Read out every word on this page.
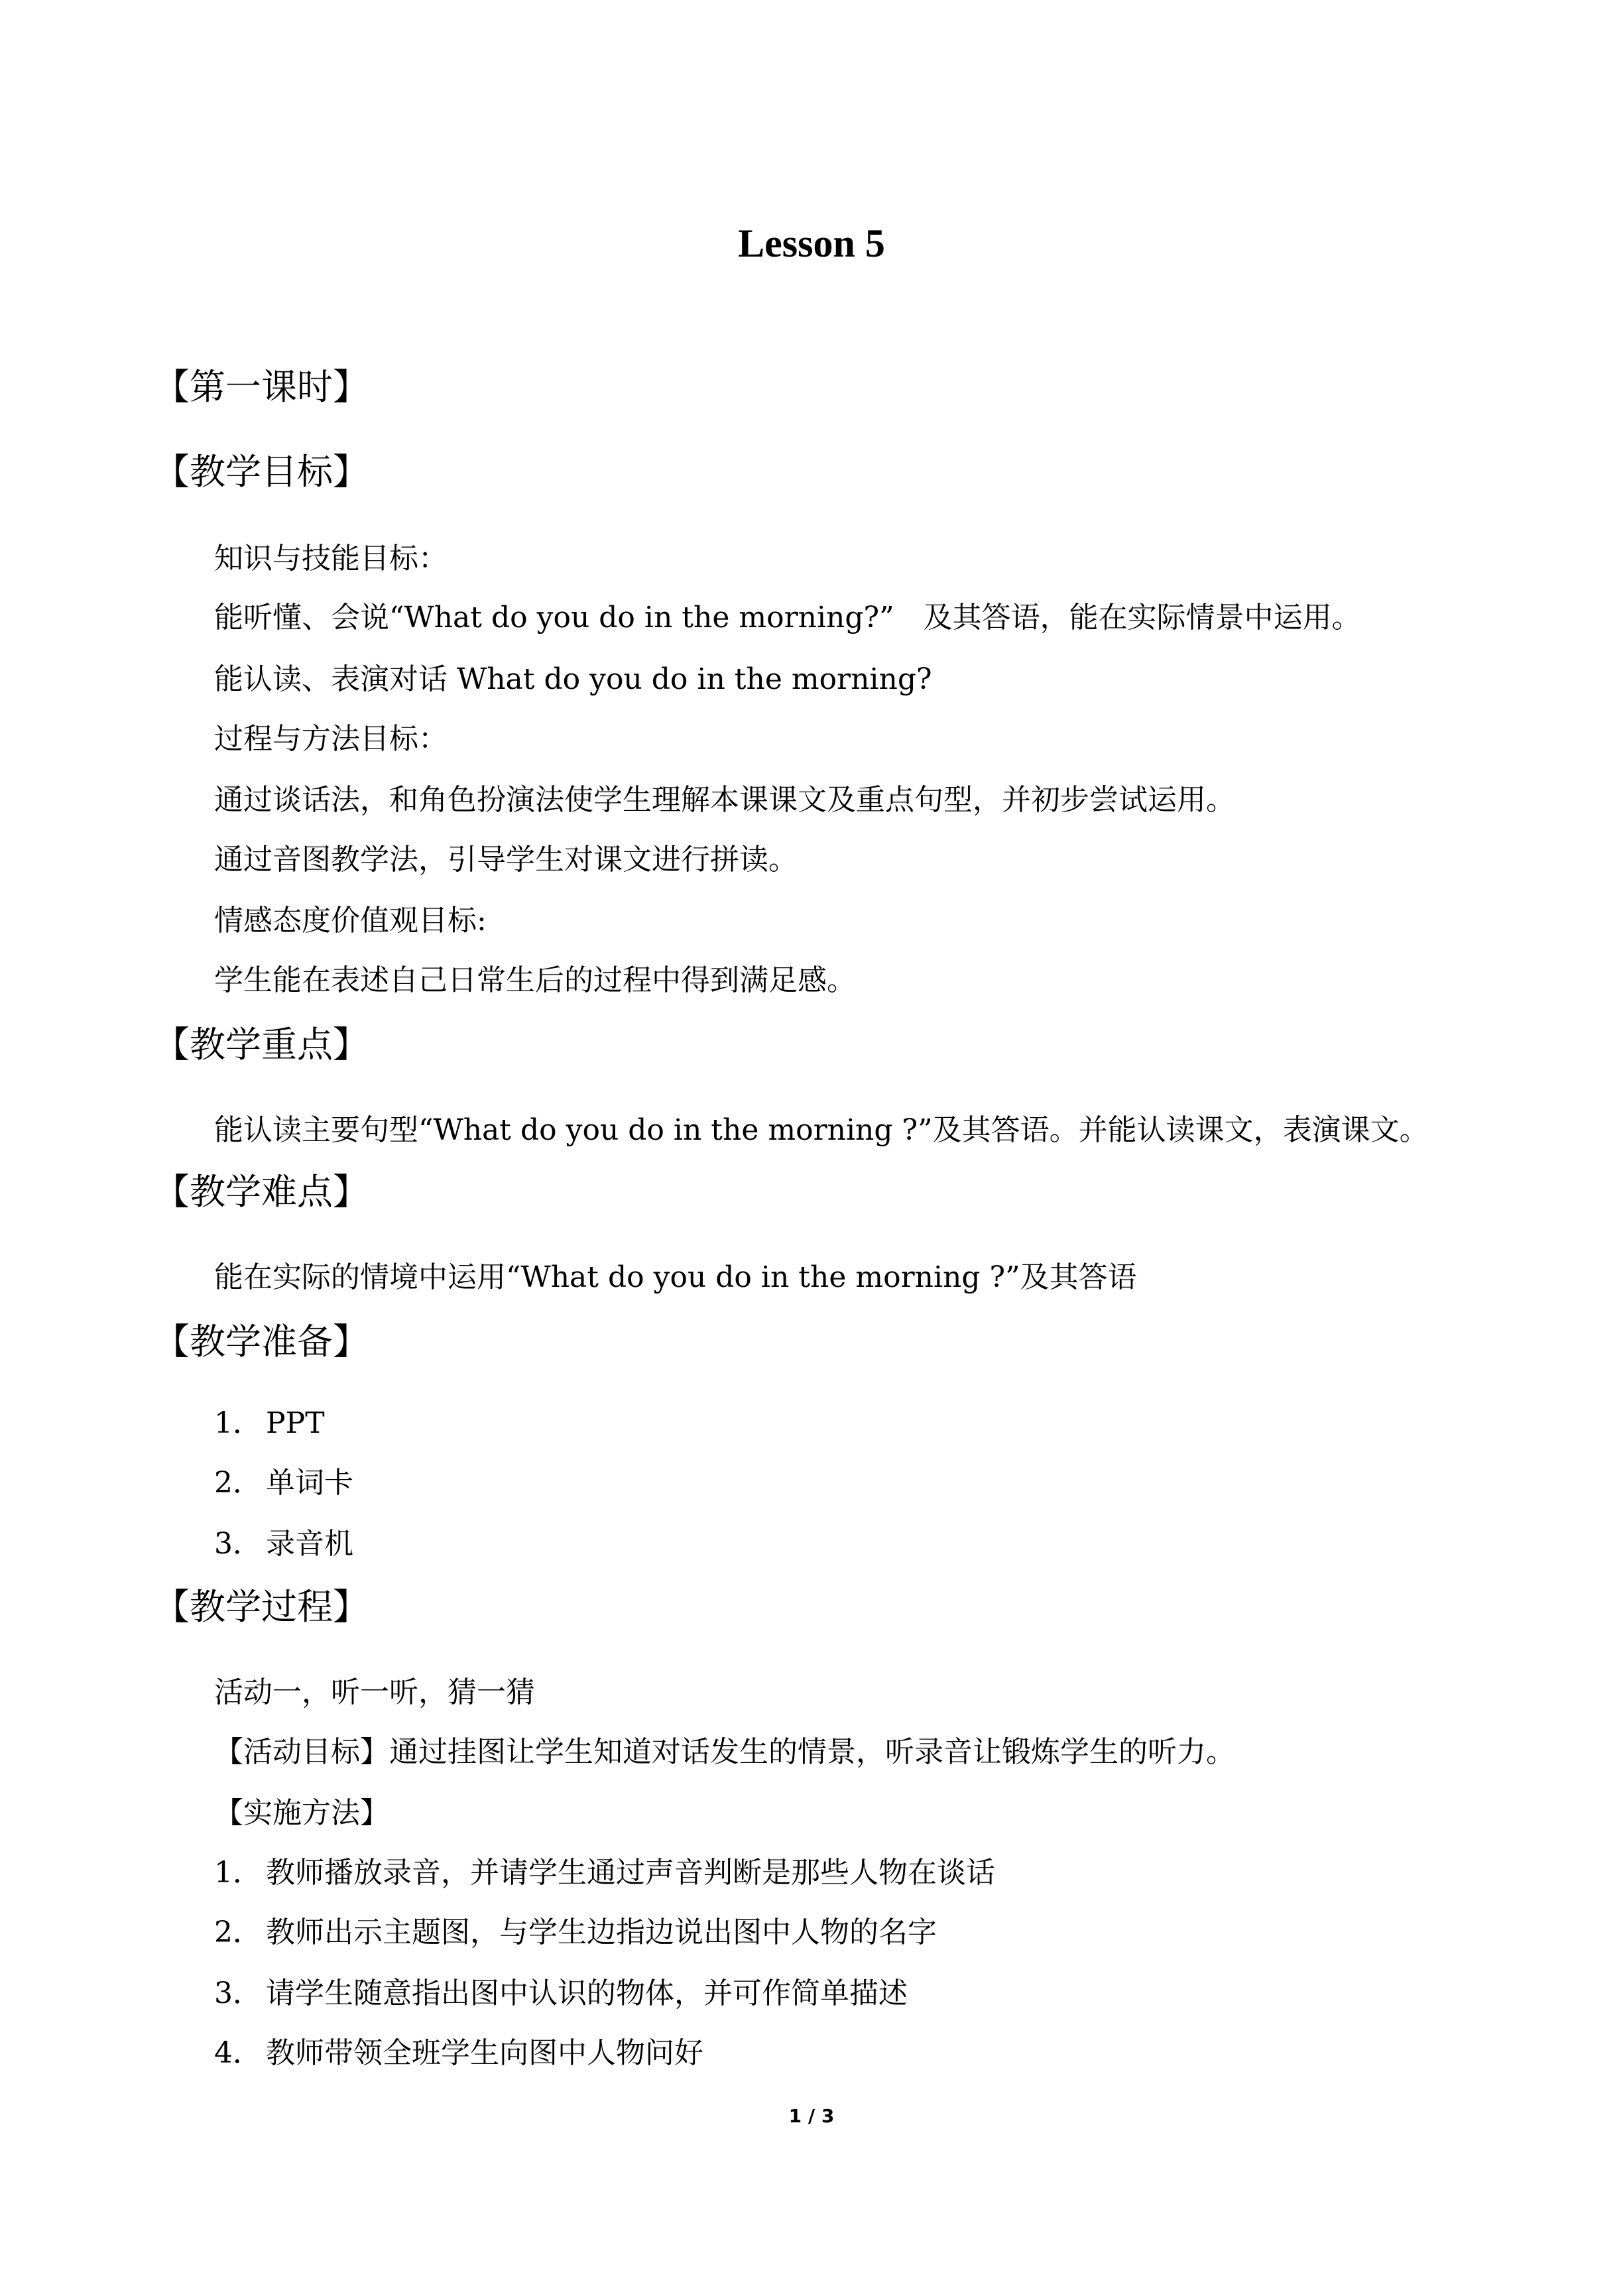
Lesson 5
【第一课时】
【教学目标】

知识与技能目标：

能听懂、会说“What do you do in the morning?”　及其答语，能在实际情景中运用。

能认读、表演对话 What do you do in the morning?

过程与方法目标：

通过谈话法，和角色扮演法使学生理解本课课文及重点句型，并初步尝试运用。

通过音图教学法，引导学生对课文进行拼读。

情感态度价值观目标:

学生能在表述自己日常生后的过程中得到满足感。

【教学重点】

能认读主要句型“What do you do in the morning ?”及其答语。并能认读课文，表演课文。

【教学难点】

能在实际的情境中运用“What do you do in the morning ?”及其答语

【教学准备】
1． PPT
2． 单词卡
3． 录音机
【教学过程】

活动一，听一听，猜一猜

【活动目标】通过挂图让学生知道对话发生的情景，听录音让锻炼学生的听力。

【实施方法】

1． 教师播放录音，并请学生通过声音判断是那些人物在谈话
2． 教师出示主题图，与学生边指边说出图中人物的名字
3． 请学生随意指出图中认识的物体，并可作简单描述
4． 教师带领全班学生向图中人物问好
1 / 3
